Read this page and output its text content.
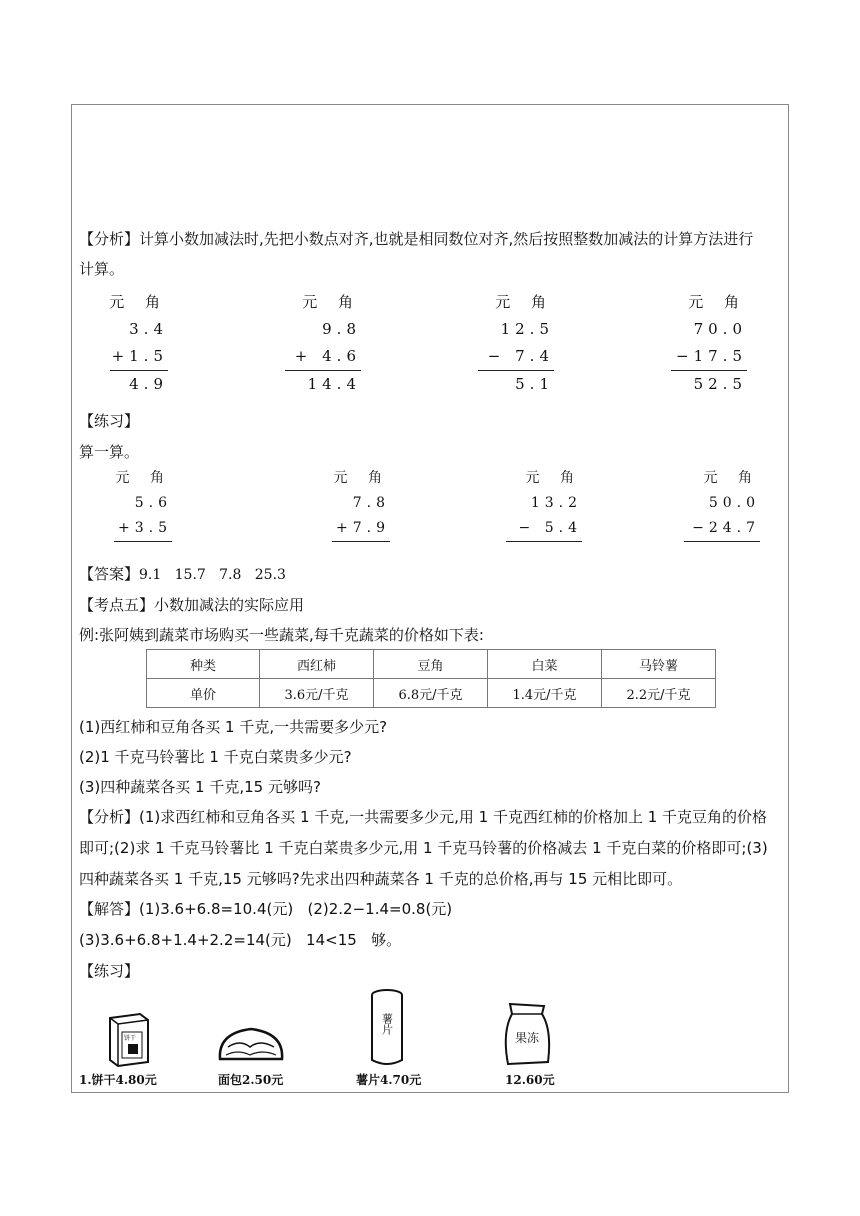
【分析】计算小数加减法时,先把小数点对齐,也就是相同数位对齐,然后按照整数加减法的计算方法进行
计算。
元 角
3.4
+1.5
4.9
元 角
9.8
+ 4.6
14.4
元 角
12.5
− 7.4
5.1
元 角
70.0
−17.5
52.5
【练习】
算一算。
元 角
5.6
+3.5
元 角
7.8
+7.9
元 角
13.2
− 5.4
元 角
50.0
−24.7
【答案】9.1   15.7   7.8   25.3
【考点五】小数加减法的实际应用
例:张阿姨到蔬菜市场购买一些蔬菜,每千克蔬菜的价格如下表:
种类	西红柿	豆角	白菜	马铃薯
单价	3.6元/千克	6.8元/千克	1.4元/千克	2.2元/千克
(1)西红柿和豆角各买 1 千克,一共需要多少元?
(2)1 千克马铃薯比 1 千克白菜贵多少元?
(3)四种蔬菜各买 1 千克,15 元够吗?
【分析】(1)求西红柿和豆角各买 1 千克,一共需要多少元,用 1 千克西红柿的价格加上 1 千克豆角的价格
即可;(2)求 1 千克马铃薯比 1 千克白菜贵多少元,用 1 千克马铃薯的价格减去 1 千克白菜的价格即可;(3)
四种蔬菜各买 1 千克,15 元够吗?先求出四种蔬菜各 1 千克的总价格,再与 15 元相比即可。
【解答】(1)3.6+6.8=10.4(元)   (2)2.2−1.4=0.8(元)
(3)3.6+6.8+1.4+2.2=14(元)   14<15   够。
【练习】
饼干
薯片
果冻
1.饼干4.80元	面包2.50元	薯片4.70元	12.60元
